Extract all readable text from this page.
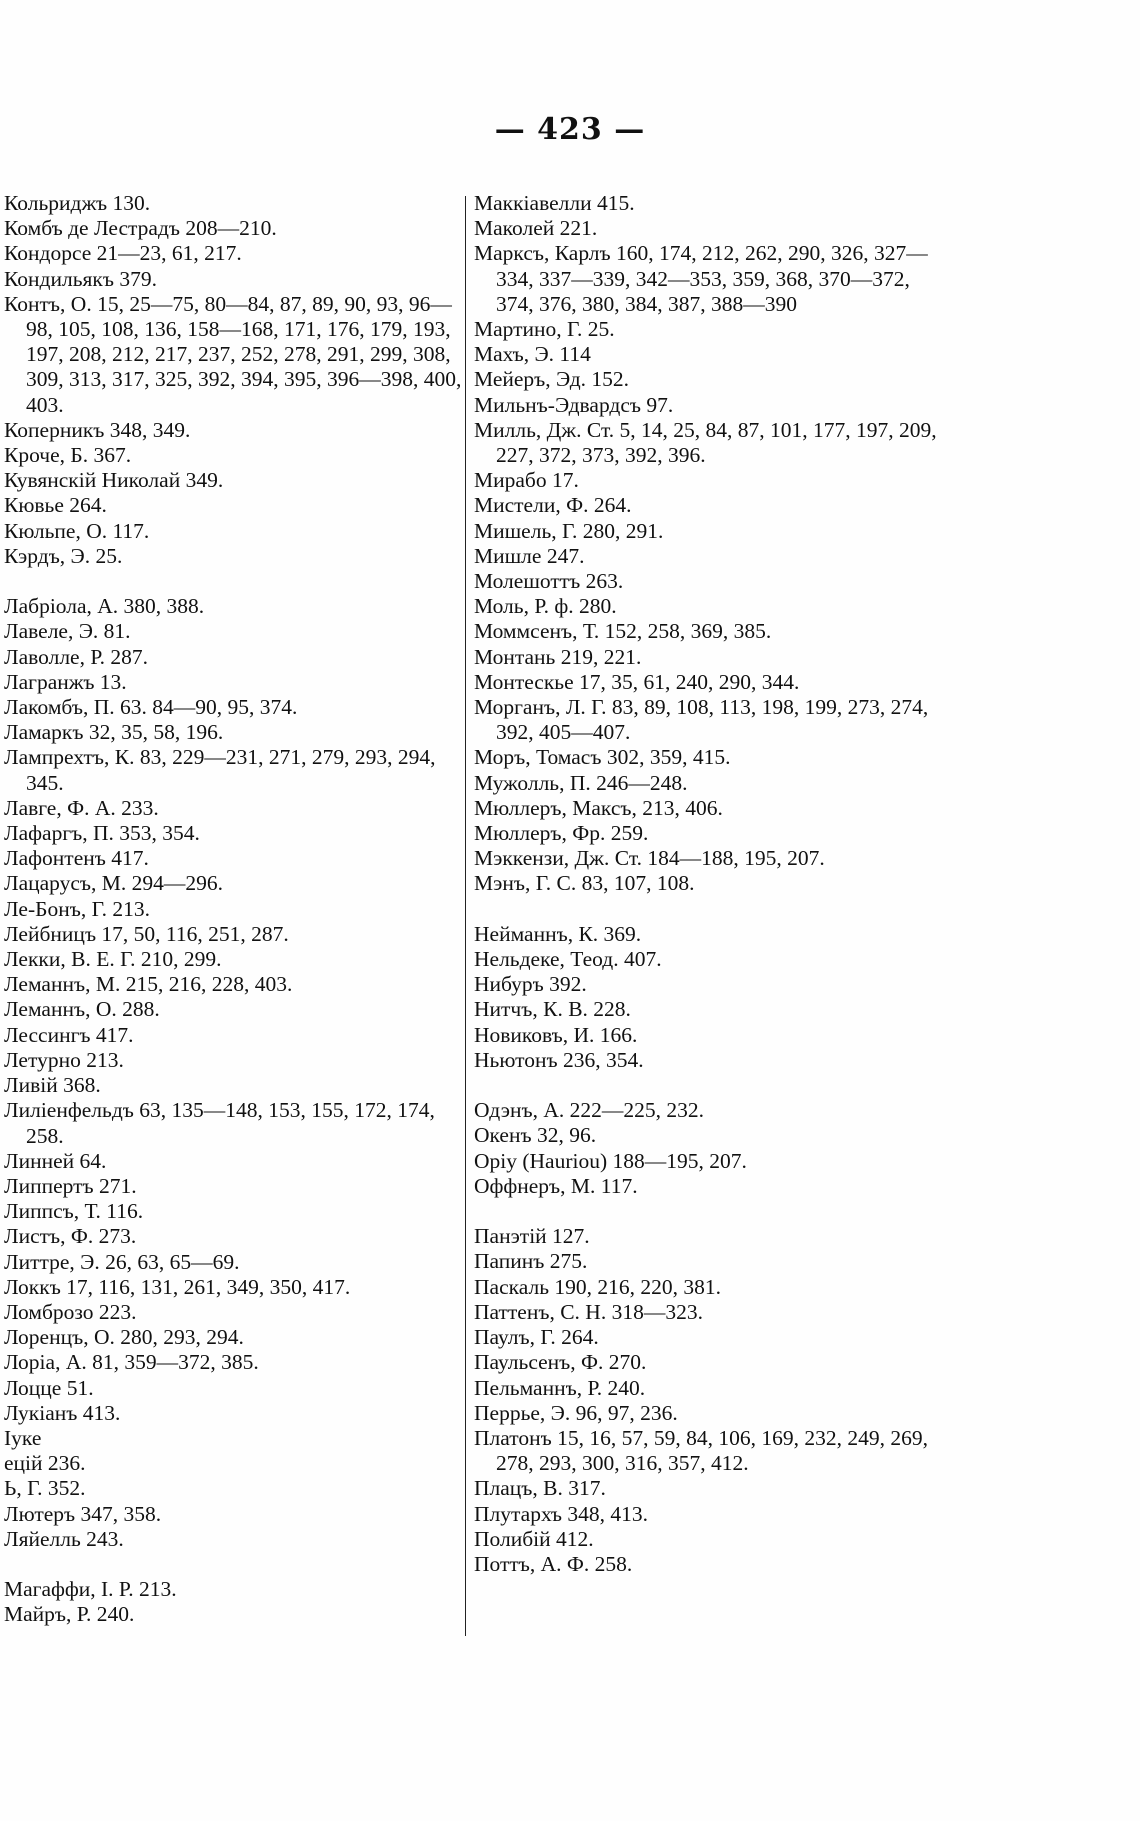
— 423 —
Кольриджъ 130.
Комбъ де Лестрадъ 208—210.
Кондорсе 21—23, 61, 217.
Кондильякъ 379.
Контъ, О. 15, 25—75, 80—84, 87, 89, 90, 93, 96—98, 105, 108, 136, 158—168, 171, 176, 179, 193, 197, 208, 212, 217, 237, 252, 278, 291, 299, 308, 309, 313, 317, 325, 392, 394, 395, 396—398, 400, 403.
Коперникъ 348, 349.
Кроче, Б. 367.
Кувянскій Николай 349.
Кювье 264.
Кюльпе, О. 117.
Кэрдъ, Э. 25.
Лабріола, А. 380, 388.
Лавеле, Э. 81.
Лаволле, Р. 287.
Лагранжъ 13.
Лакомбъ, П. 63. 84—90, 95, 374.
Ламаркъ 32, 35, 58, 196.
Лампрехтъ, К. 83, 229—231, 271, 279, 293, 294, 345.
Лавге, Ф. А. 233.
Лафаргъ, П. 353, 354.
Лафонтенъ 417.
Лацарусъ, М. 294—296.
Ле-Бонъ, Г. 213.
Лейбницъ 17, 50, 116, 251, 287.
Лекки, В. Е. Г. 210, 299.
Леманнъ, М. 215, 216, 228, 403.
Леманнъ, О. 288.
Лессингъ 417.
Летурно 213.
Ливій 368.
Лиліенфельдъ 63, 135—148, 153, 155, 172, 174, 258.
Линней 64.
Липпертъ 271.
Липпсъ, Т. 116.
Листъ, Ф. 273.
Литтре, Э. 26, 63, 65—69.
Локкъ 17, 116, 131, 261, 349, 350, 417.
Ломброзо 223.
Лоренцъ, О. 280, 293, 294.
Лоріа, А. 81, 359—372, 385.
Лоцце 51.
Лукіанъ 413.
Іуке
ецій 236.
Ь, Г. 352.
Лютеръ 347, 358.
Ляйелль 243.
Магаффи, І. Р. 213.
Майръ, Р. 240.
Маккіавелли 415.
Маколей 221.
Марксъ, Карлъ 160, 174, 212, 262, 290, 326, 327—334, 337—339, 342—353, 359, 368, 370—372, 374, 376, 380, 384, 387, 388—390
Мартино, Г. 25.
Махъ, Э. 114
Мейеръ, Эд. 152.
Мильнъ-Эдвардсъ 97.
Милль, Дж. Ст. 5, 14, 25, 84, 87, 101, 177, 197, 209, 227, 372, 373, 392, 396.
Мирабо 17.
Мистели, Ф. 264.
Мишель, Г. 280, 291.
Мишле 247.
Молешоттъ 263.
Моль, Р. ф. 280.
Моммсенъ, Т. 152, 258, 369, 385.
Монтань 219, 221.
Монтескье 17, 35, 61, 240, 290, 344.
Морганъ, Л. Г. 83, 89, 108, 113, 198, 199, 273, 274, 392, 405—407.
Моръ, Томасъ 302, 359, 415.
Мужолль, П. 246—248.
Мюллеръ, Максъ, 213, 406.
Мюллеръ, Фр. 259.
Мэккензи, Дж. Ст. 184—188, 195, 207.
Мэнъ, Г. С. 83, 107, 108.
Нейманнъ, К. 369.
Нельдеке, Теод. 407.
Нибуръ 392.
Нитчъ, К. В. 228.
Новиковъ, И. 166.
Ньютонъ 236, 354.
Одэнъ, А. 222—225, 232.
Окенъ 32, 96.
Оріу (Hauriou) 188—195, 207.
Оффнеръ, М. 117.
Панэтій 127.
Папинъ 275.
Паскаль 190, 216, 220, 381.
Паттенъ, С. Н. 318—323.
Паулъ, Г. 264.
Паульсенъ, Ф. 270.
Пельманнъ, Р. 240.
Перрье, Э. 96, 97, 236.
Платонъ 15, 16, 57, 59, 84, 106, 169, 232, 249, 269, 278, 293, 300, 316, 357, 412.
Плацъ, В. 317.
Плутархъ 348, 413.
Полибій 412.
Поттъ, А. Ф. 258.
